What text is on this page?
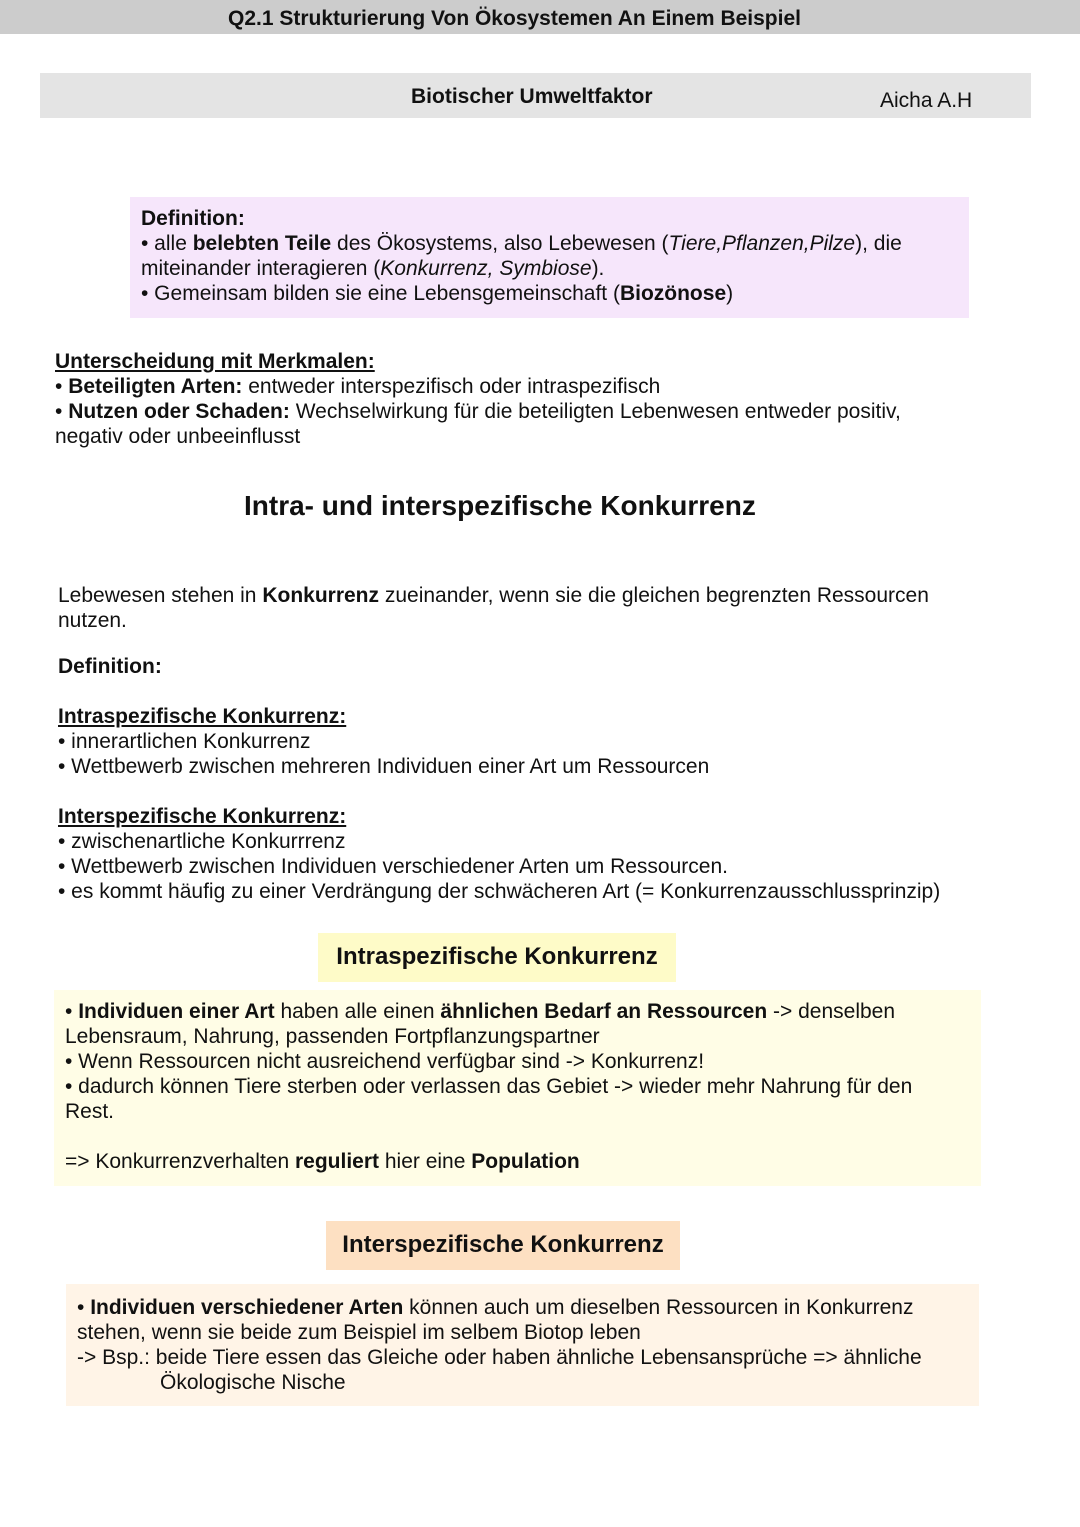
Q2.1 Strukturierung Von Ökosystemen An Einem Beispiel
Biotischer Umweltfaktor	Aicha A.H
Definition:
• alle belebten Teile des Ökosystems, also Lebewesen (Tiere,Pflanzen,Pilze), die
miteinander interagieren (Konkurrenz, Symbiose).
• Gemeinsam bilden sie eine Lebensgemeinschaft (Biozönose)
Unterscheidung mit Merkmalen:
• Beteiligten Arten: entweder interspezifisch oder intraspezifisch
• Nutzen oder Schaden: Wechselwirkung für die beteiligten Lebenwesen entweder positiv,
negativ oder unbeeinflusst
Intra- und interspezifische Konkurrenz
Lebewesen stehen in Konkurrenz zueinander, wenn sie die gleichen begrenzten Ressourcen
nutzen.
Definition:
Intraspezifische Konkurrenz:
• innerartlichen Konkurrenz
• Wettbewerb zwischen mehreren Individuen einer Art um Ressourcen
Interspezifische Konkurrenz:
• zwischenartliche Konkurrrenz
• Wettbewerb zwischen Individuen verschiedener Arten um Ressourcen.
• es kommt häufig zu einer Verdrängung der schwächeren Art (= Konkurrenzausschlussprinzip)
Intraspezifische Konkurrenz
• Individuen einer Art haben alle einen ähnlichen Bedarf an Ressourcen -> denselben
Lebensraum, Nahrung, passenden Fortpflanzungspartner
• Wenn Ressourcen nicht ausreichend verfügbar sind -> Konkurrenz!
• dadurch können Tiere sterben oder verlassen das Gebiet -> wieder mehr Nahrung für den
Rest.
=> Konkurrenzverhalten reguliert hier eine Population
Interspezifische Konkurrenz
• Individuen verschiedener Arten können auch um dieselben Ressourcen in Konkurrenz
stehen, wenn sie beide zum Beispiel im selbem Biotop leben
-> Bsp.: beide Tiere essen das Gleiche oder haben ähnliche Lebensansprüche => ähnliche
Ökologische Nische
